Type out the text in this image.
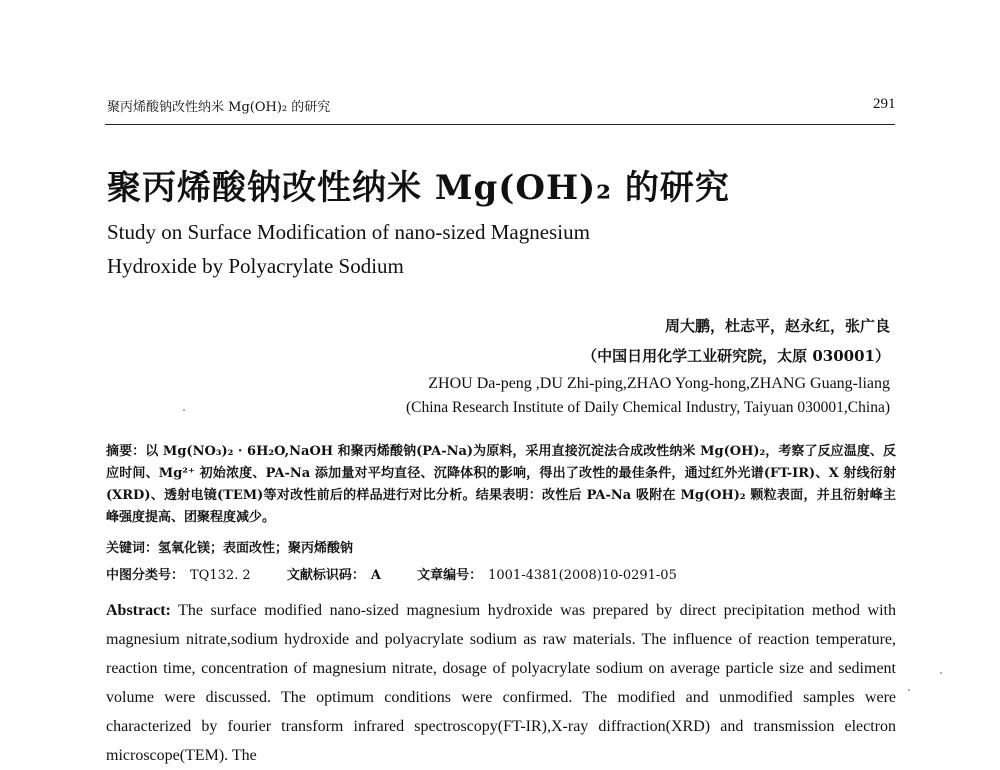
聚丙烯酸钠改性纳米 Mg(OH)₂ 的研究	291
聚丙烯酸钠改性纳米 Mg(OH)₂ 的研究
Study on Surface Modification of nano-sized Magnesium
Hydroxide by Polyacrylate Sodium
周大鹏，杜志平，赵永红，张广良
（中国日用化学工业研究院，太原 030001）
ZHOU Da-peng ,DU Zhi-ping,ZHAO Yong-hong,ZHANG Guang-liang
(China Research Institute of Daily Chemical Industry, Taiyuan 030001,China)
摘要：以 Mg(NO₃)₂ · 6H₂O,NaOH 和聚丙烯酸钠(PA-Na)为原料，采用直接沉淀法合成改性纳米 Mg(OH)₂，考察了反应温度、反应时间、Mg²⁺ 初始浓度、PA-Na 添加量对平均直径、沉降体积的影响，得出了改性的最佳条件，通过红外光谱(FT-IR)、X 射线衍射(XRD)、透射电镜(TEM)等对改性前后的样品进行对比分析。结果表明：改性后 PA-Na 吸附在 Mg(OH)₂ 颗粒表面，并且衍射峰主峰强度提高、团聚程度减少。
关键词：氢氧化镁；表面改性；聚丙烯酸钠
中图分类号： TQ132. 2	文献标识码： A	文章编号： 1001-4381(2008)10-0291-05
Abstract: The surface modified nano-sized magnesium hydroxide was prepared by direct precipitation method with magnesium nitrate,sodium hydroxide and polyacrylate sodium as raw materials. The influence of reaction temperature, reaction time, concentration of magnesium nitrate, dosage of polyacrylate sodium on average particle size and sediment volume were discussed. The optimum conditions were confirmed. The modified and unmodified samples were characterized by fourier transform infrared spectroscopy(FT-IR),X-ray diffraction(XRD) and transmission electron microscope(TEM). The
